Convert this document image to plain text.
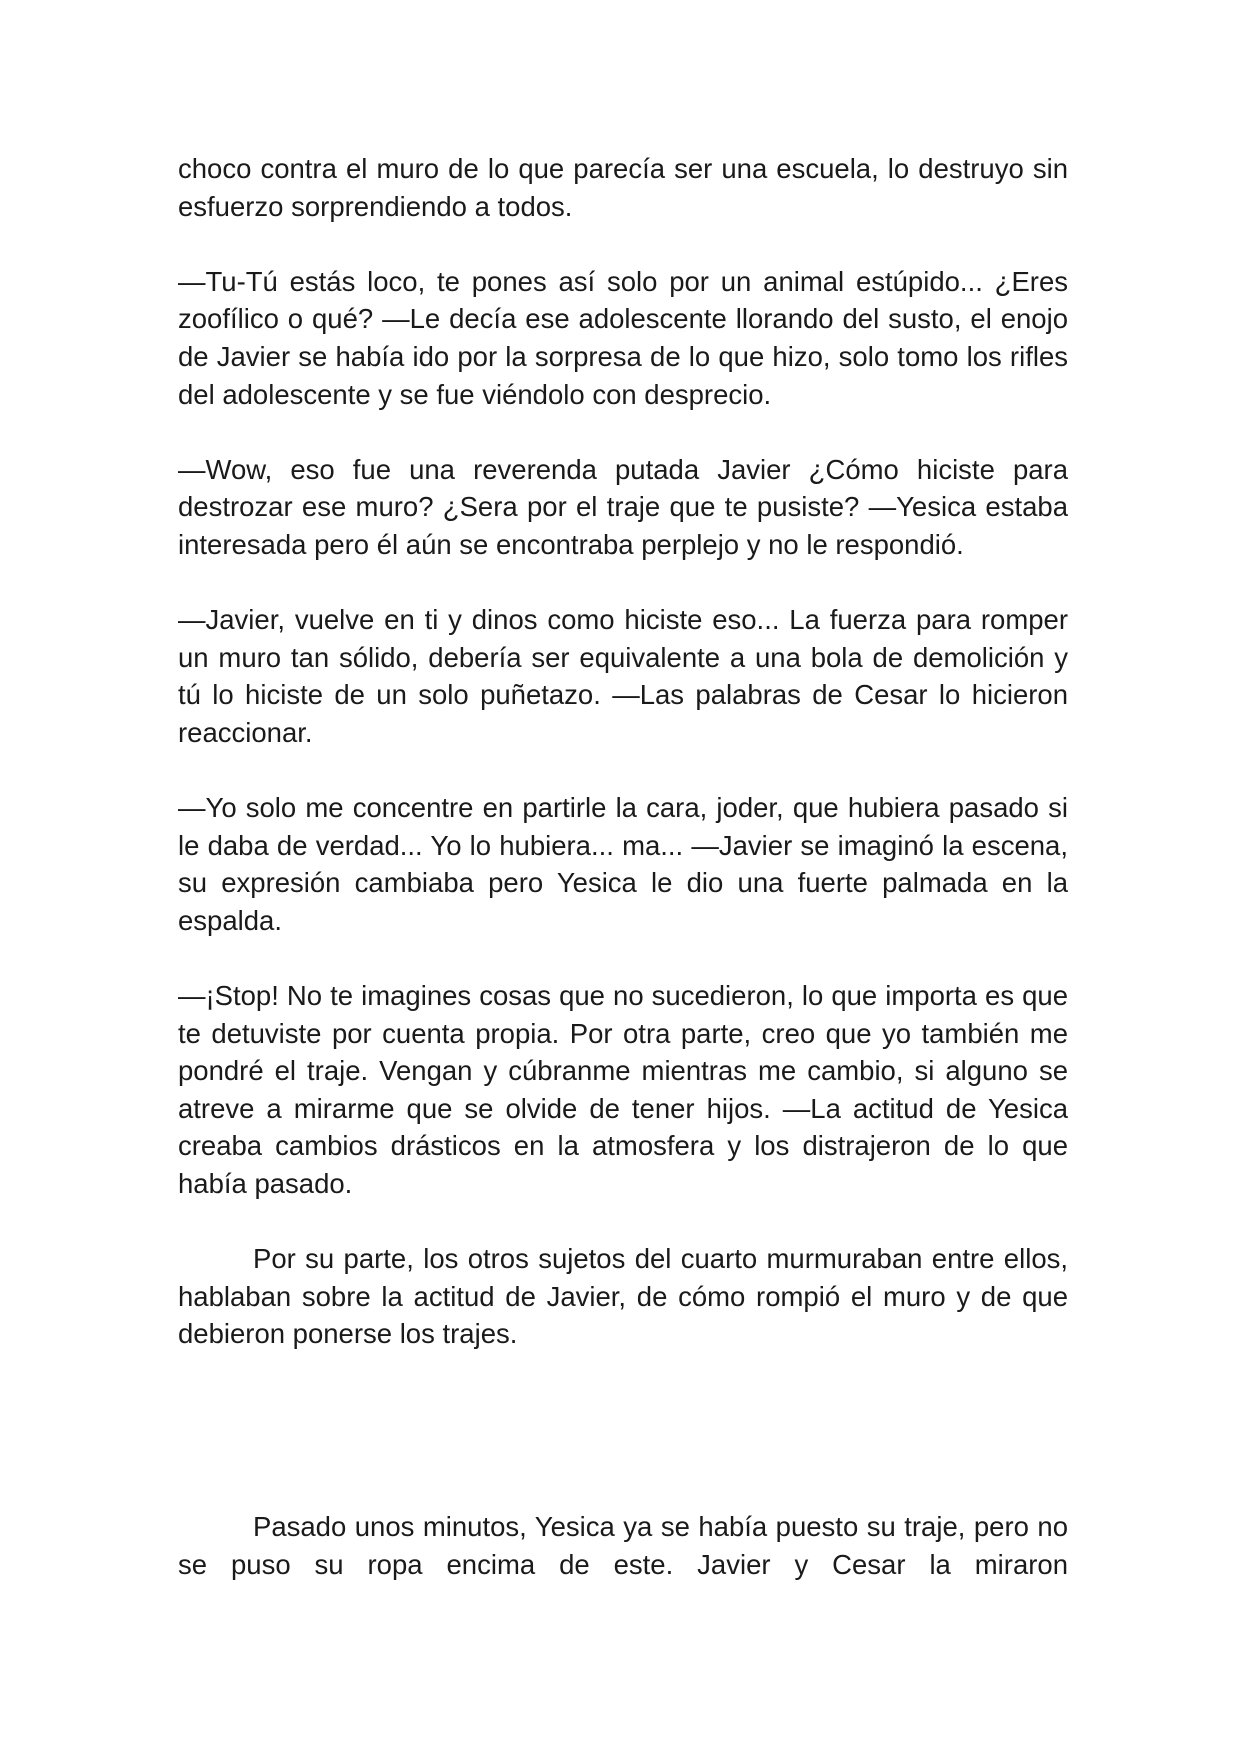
choco contra el muro de lo que parecía ser una escuela, lo destruyo sin esfuerzo sorprendiendo a todos.

—Tu-Tú estás loco, te pones así solo por un animal estúpido... ¿Eres zoofílico o qué? —Le decía ese adolescente llorando del susto, el enojo de Javier se había ido por la sorpresa de lo que hizo, solo tomo los rifles del adolescente y se fue viéndolo con desprecio.

—Wow, eso fue una reverenda putada Javier ¿Cómo hiciste para destrozar ese muro? ¿Sera por el traje que te pusiste? —Yesica estaba interesada pero él aún se encontraba perplejo y no le respondió.

—Javier, vuelve en ti y dinos como hiciste eso... La fuerza para romper un muro tan sólido, debería ser equivalente a una bola de demolición y tú lo hiciste de un solo puñetazo. —Las palabras de Cesar lo hicieron reaccionar.

—Yo solo me concentre en partirle la cara, joder, que hubiera pasado si le daba de verdad... Yo lo hubiera... ma... —Javier se imaginó la escena, su expresión cambiaba pero Yesica le dio una fuerte palmada en la espalda.

—¡Stop! No te imagines cosas que no sucedieron, lo que importa es que te detuviste por cuenta propia. Por otra parte, creo que yo también me pondré el traje. Vengan y cúbranme mientras me cambio, si alguno se atreve a mirarme que se olvide de tener hijos. —La actitud de Yesica creaba cambios drásticos en la atmosfera y los distrajeron de lo que había pasado.

Por su parte, los otros sujetos del cuarto murmuraban entre ellos, hablaban sobre la actitud de Javier, de cómo rompió el muro y de que debieron ponerse los trajes.

Pasado unos minutos, Yesica ya se había puesto su traje, pero no se puso su ropa encima de este. Javier y Cesar la miraron
